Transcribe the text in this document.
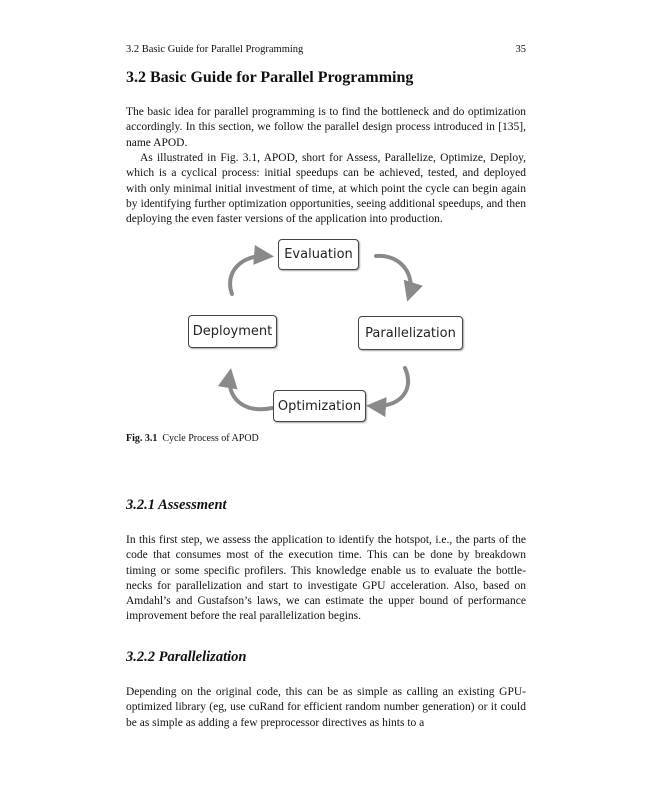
3.2 Basic Guide for Parallel Programming	35
3.2 Basic Guide for Parallel Programming

The basic idea for parallel programming is to find the bottleneck and do optimization accordingly. In this section, we follow the parallel design process introduced in [135], name APOD.

As illustrated in Fig. 3.1, APOD, short for Assess, Parallelize, Optimize, Deploy, which is a cyclical process: initial speedups can be achieved, tested, and deployed with only minimal initial investment of time, at which point the cycle can begin again by identifying further optimization opportunities, seeing additional speedups, and then deploying the even faster versions of the application into production.

Evaluation
Parallelization
Optimization
Deployment
Fig. 3.1 Cycle Process of APOD
3.2.1 Assessment

In this first step, we assess the application to identify the hotspot, i.e., the parts of the code that consumes most of the execution time. This can be done by breakdown timing or some specific profilers. This knowledge enable us to evaluate the bottlenecks for parallelization and start to investigate GPU acceleration. Also, based on Amdahl’s and Gustafson’s laws, we can estimate the upper bound of performance improvement before the real parallelization begins.

3.2.2 Parallelization

Depending on the original code, this can be as simple as calling an existing GPU-optimized library (eg, use cuRand for efficient random number generation) or it could be as simple as adding a few preprocessor directives as hints to a
